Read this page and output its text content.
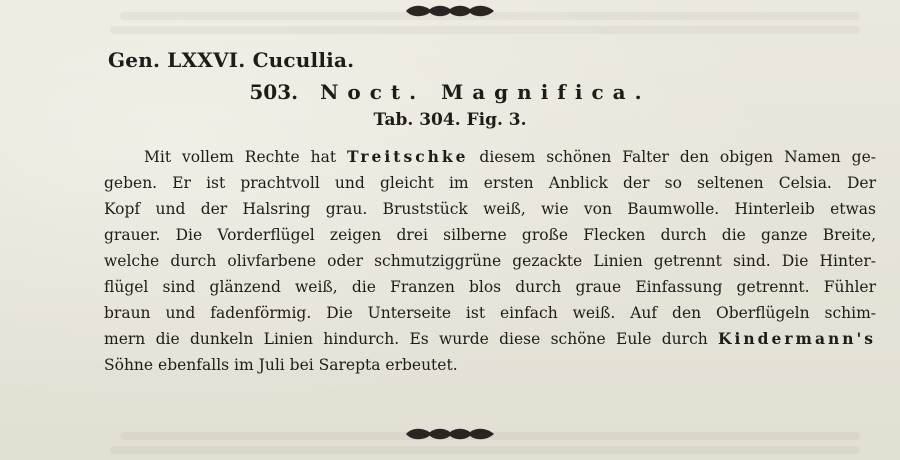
Gen. LXXVI. Cucullia.
503. Noct. Magnifica.
Tab. 304. Fig. 3.
Mit vollem Rechte hat Treitschke diesem schönen Falter den obigen Namen ge-
geben. Er ist prachtvoll und gleicht im ersten Anblick der so seltenen Celsia. Der
Kopf und der Halsring grau. Bruststück weiß, wie von Baumwolle. Hinterleib etwas
grauer. Die Vorderflügel zeigen drei silberne große Flecken durch die ganze Breite,
welche durch olivfarbene oder schmutziggrüne gezackte Linien getrennt sind. Die Hinter-
flügel sind glänzend weiß, die Franzen blos durch graue Einfassung getrennt. Fühler
braun und fadenförmig. Die Unterseite ist einfach weiß. Auf den Oberflügeln schim-
mern die dunkeln Linien hindurch. Es wurde diese schöne Eule durch Kindermann's
Söhne ebenfalls im Juli bei Sarepta erbeutet.
